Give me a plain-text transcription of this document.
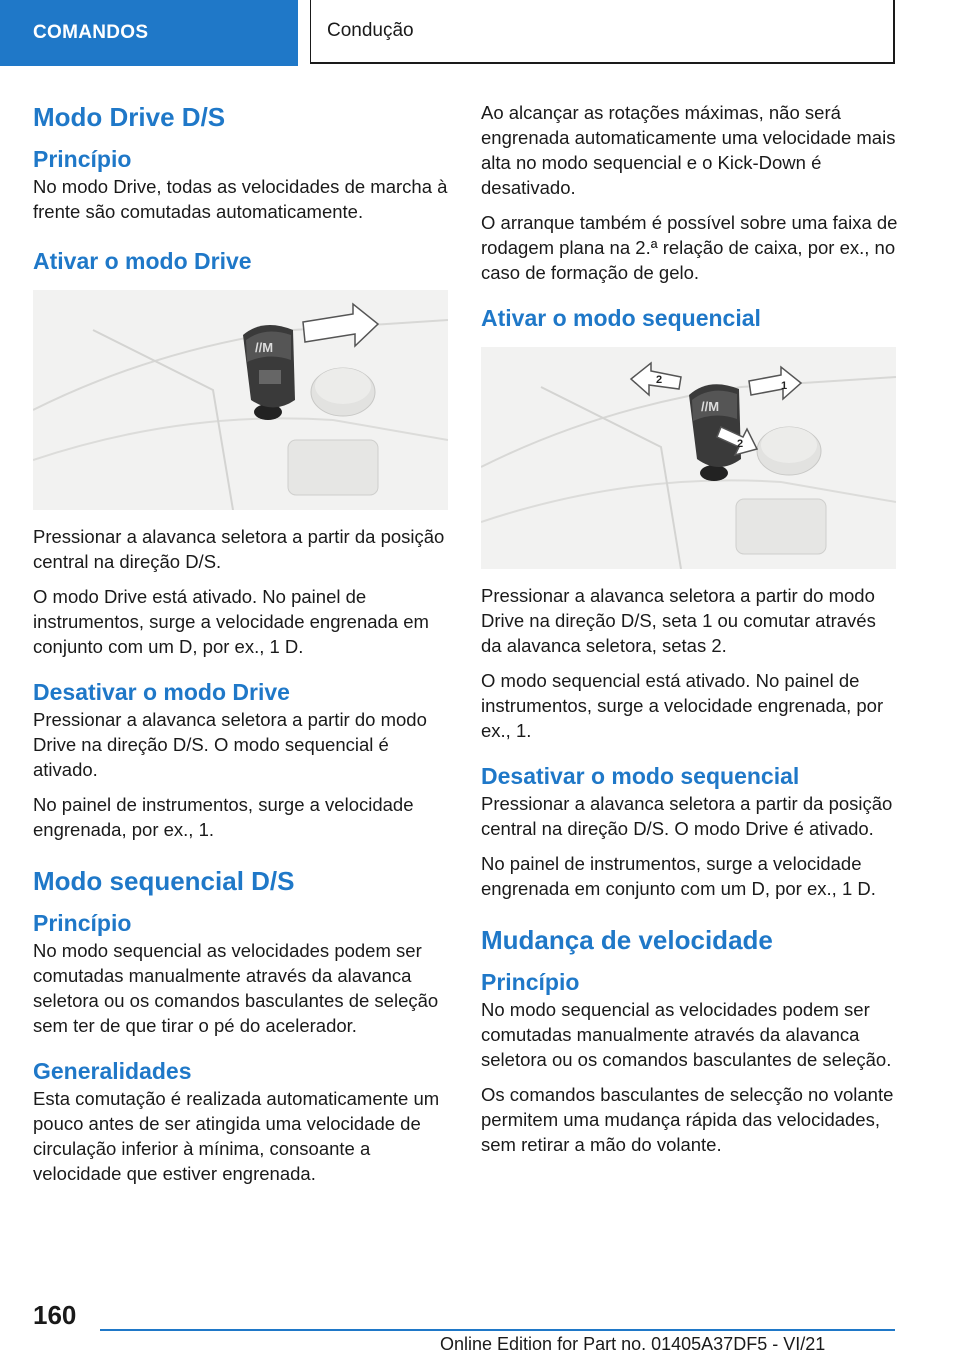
COMANDOS	Condução
Modo Drive D/S
Princípio

No modo Drive, todas as velocidades de marcha à frente são comutadas automaticamente.

Ativar o modo Drive
//M

Pressionar a alavanca seletora a partir da posição central na direção D/S.

O modo Drive está ativado. No painel de instrumentos, surge a velocidade engrenada em conjunto com um D, por ex., 1 D.

Desativar o modo Drive

Pressionar a alavanca seletora a partir do modo Drive na direção D/S. O modo sequencial é ativado.

No painel de instrumentos, surge a velocidade engrenada, por ex., 1.

Modo sequencial D/S
Princípio

No modo sequencial as velocidades podem ser comutadas manualmente através da alavanca seletora ou os comandos basculantes de seleção sem ter de que tirar o pé do acelerador.

Generalidades

Esta comutação é realizada automaticamente um pouco antes de ser atingida uma velocidade de circulação inferior à mínima, consoante a velocidade que estiver engrenada.

Ao alcançar as rotações máximas, não será engrenada automaticamente uma velocidade mais alta no modo sequencial e o Kick-Down é desativado.

O arranque também é possível sobre uma faixa de rodagem plana na 2.ª relação de caixa, por ex., no caso de formação de gelo.

Ativar o modo sequencial
//M
1
2
2

Pressionar a alavanca seletora a partir do modo Drive na direção D/S, seta 1 ou comutar através da alavanca seletora, setas 2.

O modo sequencial está ativado. No painel de instrumentos, surge a velocidade engrenada, por ex., 1.

Desativar o modo sequencial

Pressionar a alavanca seletora a partir da posição central na direção D/S. O modo Drive é ativado.

No painel de instrumentos, surge a velocidade engrenada em conjunto com um D, por ex., 1 D.

Mudança de velocidade
Princípio

No modo sequencial as velocidades podem ser comutadas manualmente através da alavanca seletora ou os comandos basculantes de seleção.

Os comandos basculantes de selecção no volante permitem uma mudança rápida das velocidades, sem retirar a mão do volante.

160
Online Edition for Part no. 01405A37DF5 - VI/21
